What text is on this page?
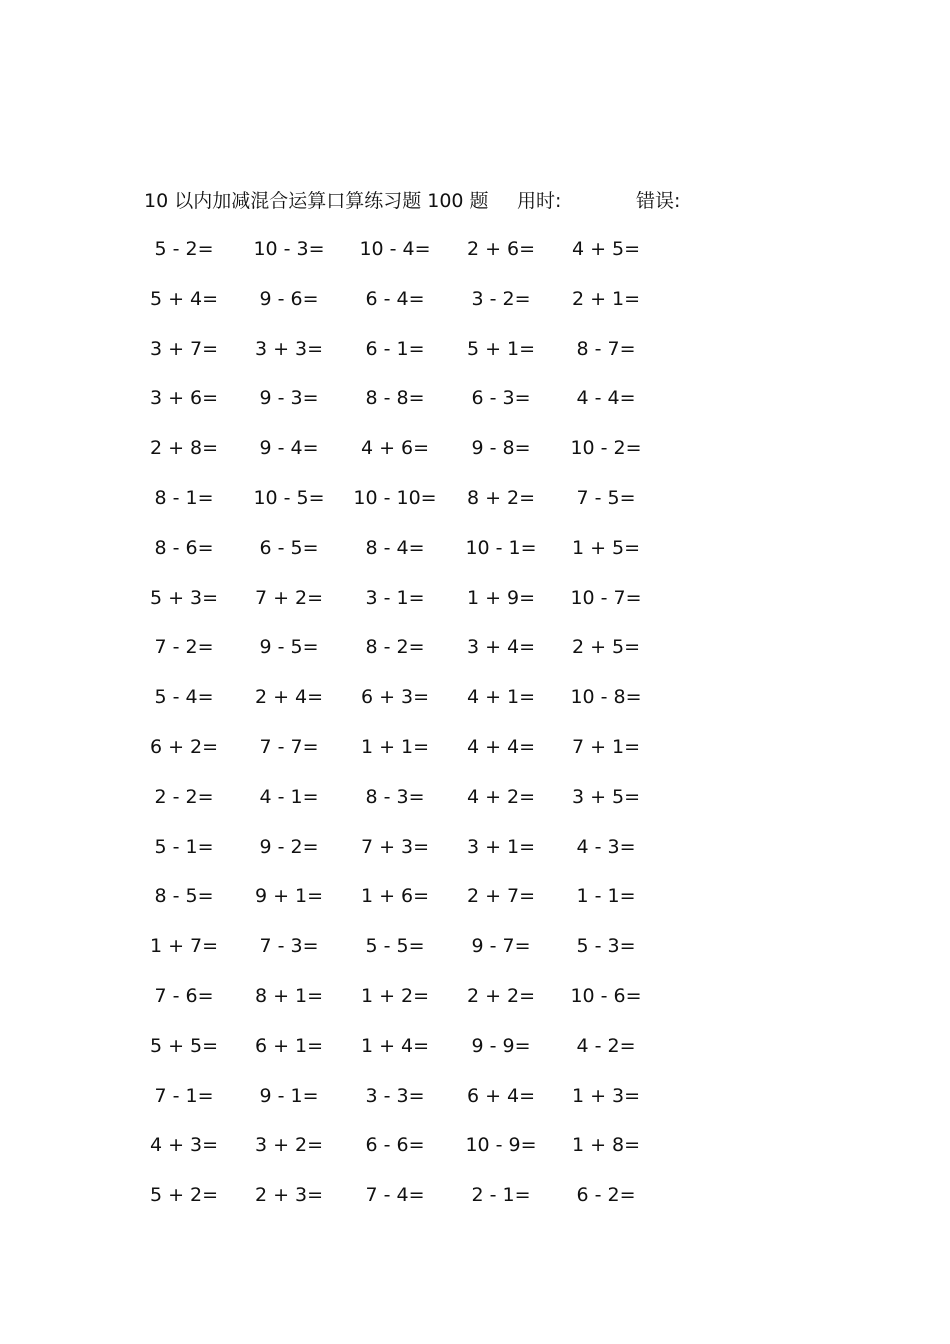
10 以内加减混合运算口算练习题 100 题 用时:	错误:
5 - 2=	10 - 3=	10 - 4=	2 + 6=	4 + 5=
5 + 4=	9 - 6=	6 - 4=	3 - 2=	2 + 1=
3 + 7=	3 + 3=	6 - 1=	5 + 1=	8 - 7=
3 + 6=	9 - 3=	8 - 8=	6 - 3=	4 - 4=
2 + 8=	9 - 4=	4 + 6=	9 - 8=	10 - 2=
8 - 1=	10 - 5=	10 - 10=	8 + 2=	7 - 5=
8 - 6=	6 - 5=	8 - 4=	10 - 1=	1 + 5=
5 + 3=	7 + 2=	3 - 1=	1 + 9=	10 - 7=
7 - 2=	9 - 5=	8 - 2=	3 + 4=	2 + 5=
5 - 4=	2 + 4=	6 + 3=	4 + 1=	10 - 8=
6 + 2=	7 - 7=	1 + 1=	4 + 4=	7 + 1=
2 - 2=	4 - 1=	8 - 3=	4 + 2=	3 + 5=
5 - 1=	9 - 2=	7 + 3=	3 + 1=	4 - 3=
8 - 5=	9 + 1=	1 + 6=	2 + 7=	1 - 1=
1 + 7=	7 - 3=	5 - 5=	9 - 7=	5 - 3=
7 - 6=	8 + 1=	1 + 2=	2 + 2=	10 - 6=
5 + 5=	6 + 1=	1 + 4=	9 - 9=	4 - 2=
7 - 1=	9 - 1=	3 - 3=	6 + 4=	1 + 3=
4 + 3=	3 + 2=	6 - 6=	10 - 9=	1 + 8=
5 + 2=	2 + 3=	7 - 4=	2 - 1=	6 - 2=
